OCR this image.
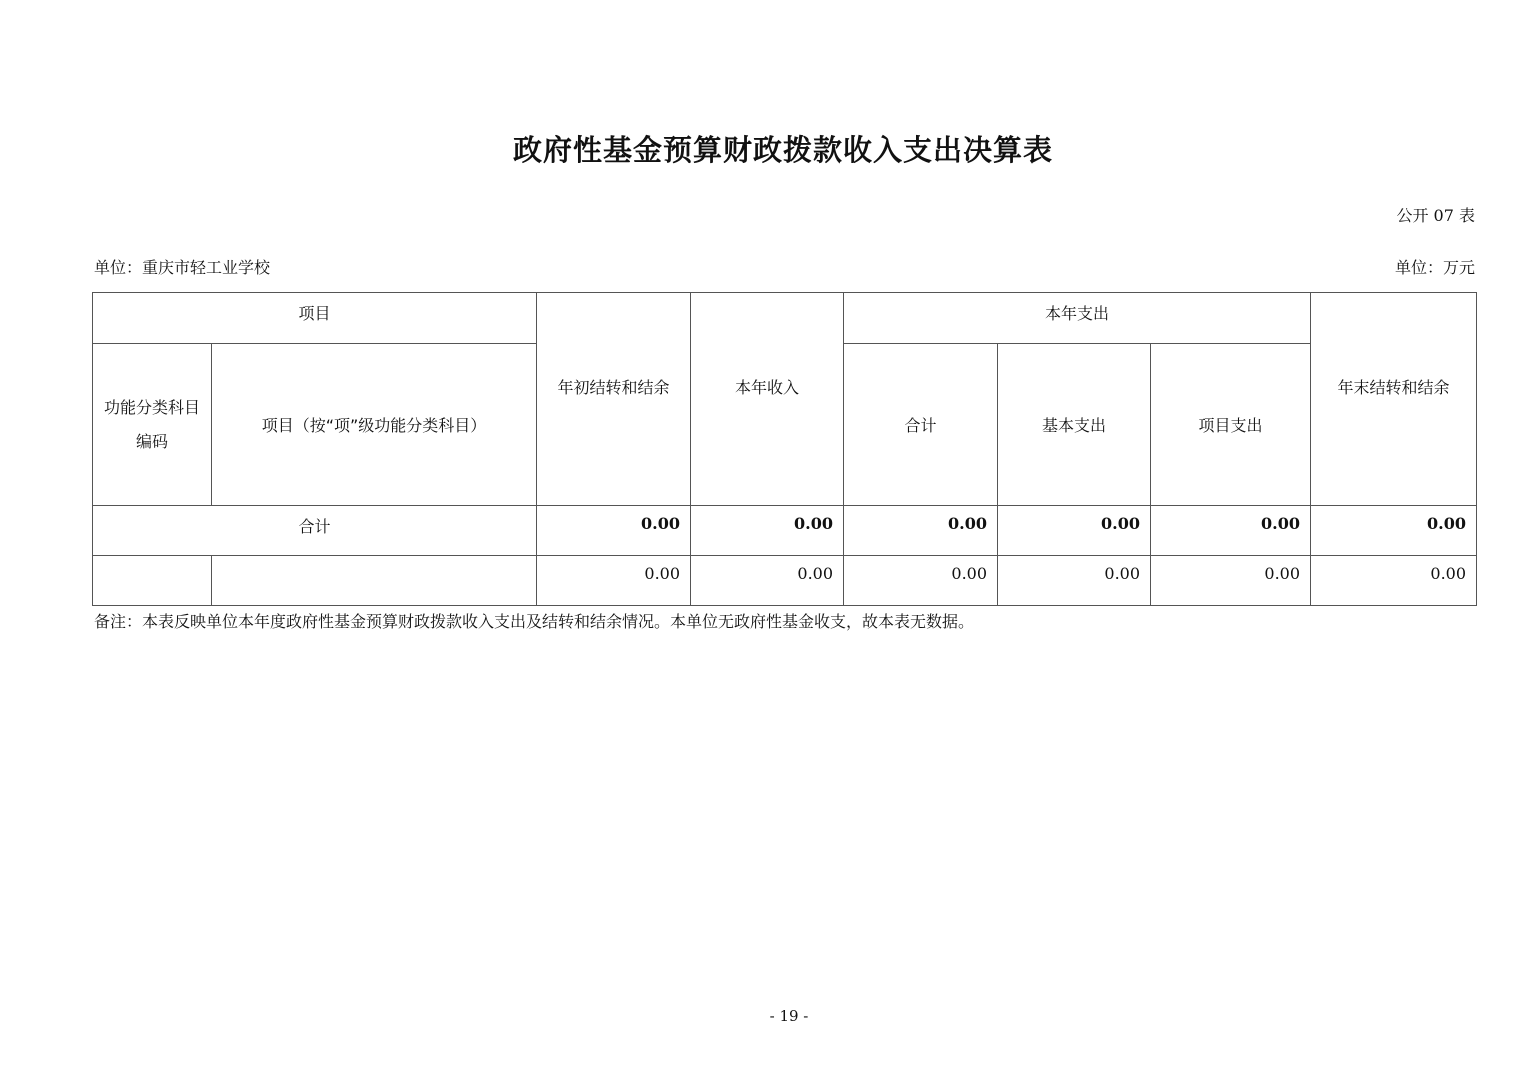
政府性基金预算财政拨款收入支出决算表
公开 07 表
单位：重庆市轻工业学校	单位：万元
项目		年初结转和结余	本年收入	本年支出			年末结转和结余
功能分类科目编码	项目（按“项”级功能分类科目）			合计	基本支出	项目支出	
合计		0.00	0.00	0.00	0.00	0.00	0.00
		0.00	0.00	0.00	0.00	0.00	0.00
备注：本表反映单位本年度政府性基金预算财政拨款收入支出及结转和结余情况。本单位无政府性基金收支，故本表无数据。
- 19 -
